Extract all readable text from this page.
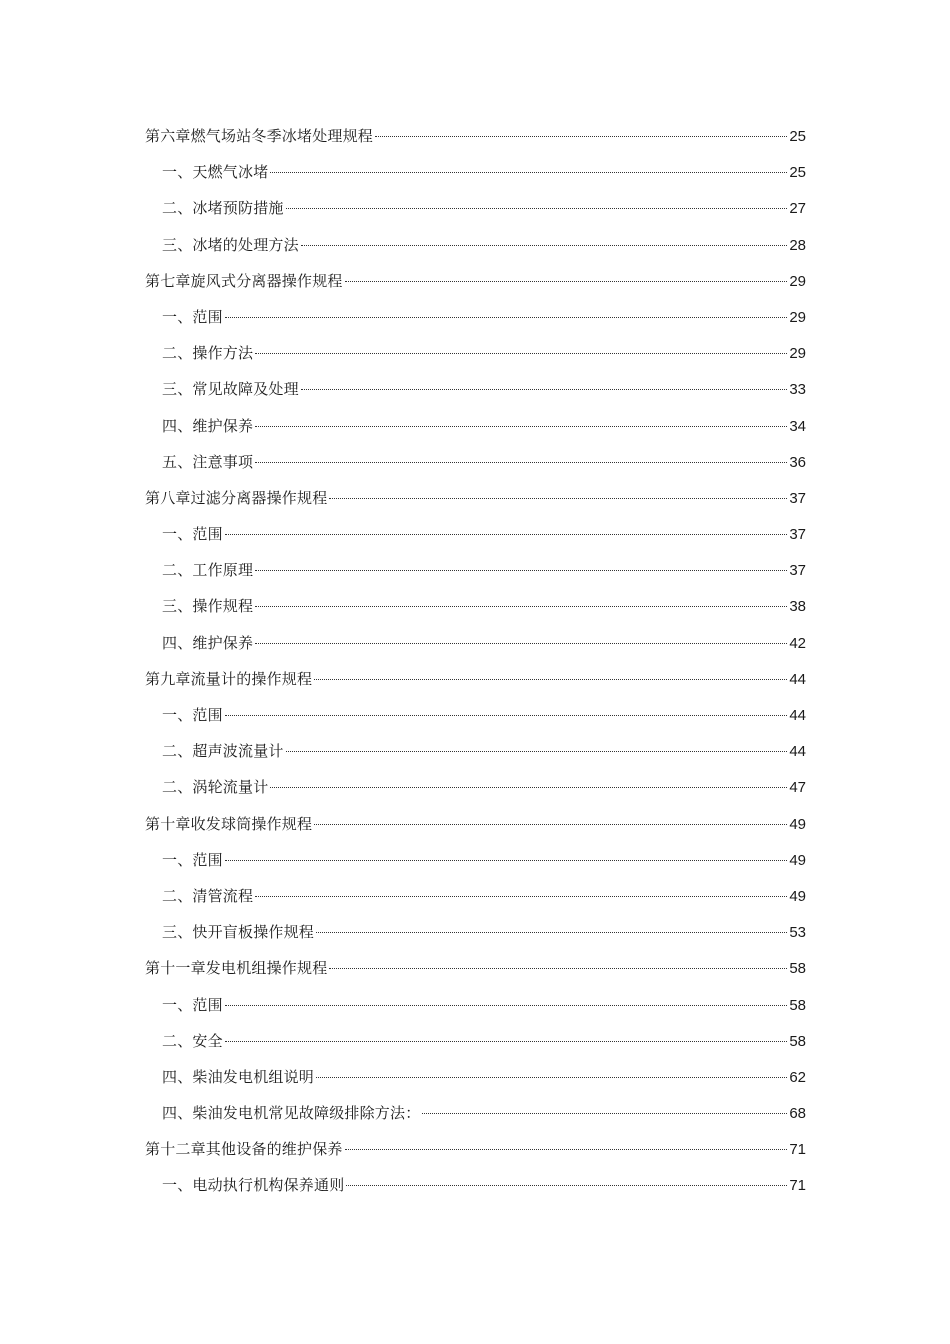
第六章燃气场站冬季冰堵处理规程	25
一、天燃气冰堵	25
二、冰堵预防措施	27
三、冰堵的处理方法	28
第七章旋风式分离器操作规程	29
一、范围	29
二、操作方法	29
三、常见故障及处理	33
四、维护保养	34
五、注意事项	36
第八章过滤分离器操作规程	37
一、范围	37
二、工作原理	37
三、操作规程	38
四、维护保养	42
第九章流量计的操作规程	44
一、范围	44
二、超声波流量计	44
二、涡轮流量计	47
第十章收发球筒操作规程	49
一、范围	49
二、清管流程	49
三、快开盲板操作规程	53
第十一章发电机组操作规程	58
一、范围	58
二、安全	58
四、柴油发电机组说明	62
四、柴油发电机常见故障级排除方法：	68
第十二章其他设备的维护保养	71
一、电动执行机构保养通则	71
